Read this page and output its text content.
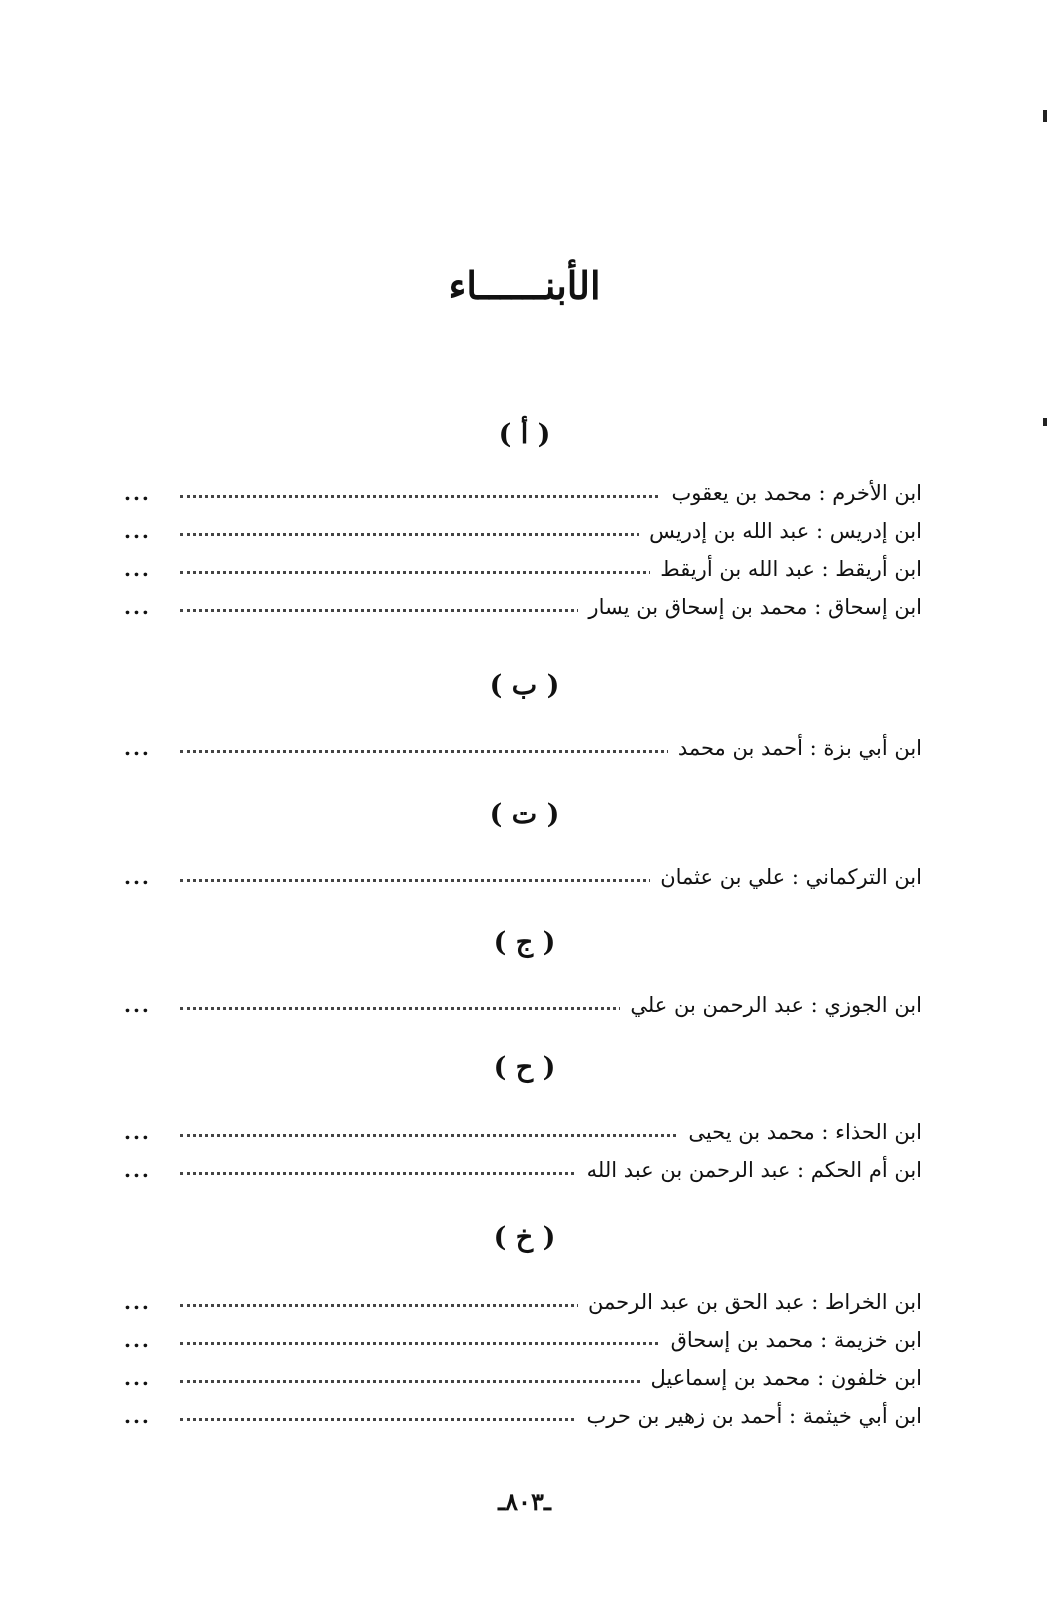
الأبنــــــاء
( أ )
ابن الأخرم : محمد بن يعقوب
...
ابن إدريس : عبد الله بن إدريس
...
ابن أريقط : عبد الله بن أريقط
...
ابن إسحاق : محمد بن إسحاق بن يسار
...
( ب )
ابن أبي بزة : أحمد بن محمد
...
( ت )
ابن التركماني : علي بن عثمان
...
( ج )
ابن الجوزي : عبد الرحمن بن علي
...
( ح )
ابن الحذاء : محمد بن يحيى
...
ابن أم الحكم : عبد الرحمن بن عبد الله
...
( خ )
ابن الخراط : عبد الحق بن عبد الرحمن
...
ابن خزيمة : محمد بن إسحاق
...
ابن خلفون : محمد بن إسماعيل
...
ابن أبي خيثمة : أحمد بن زهير بن حرب
...
ـ٨٠٣ـ
